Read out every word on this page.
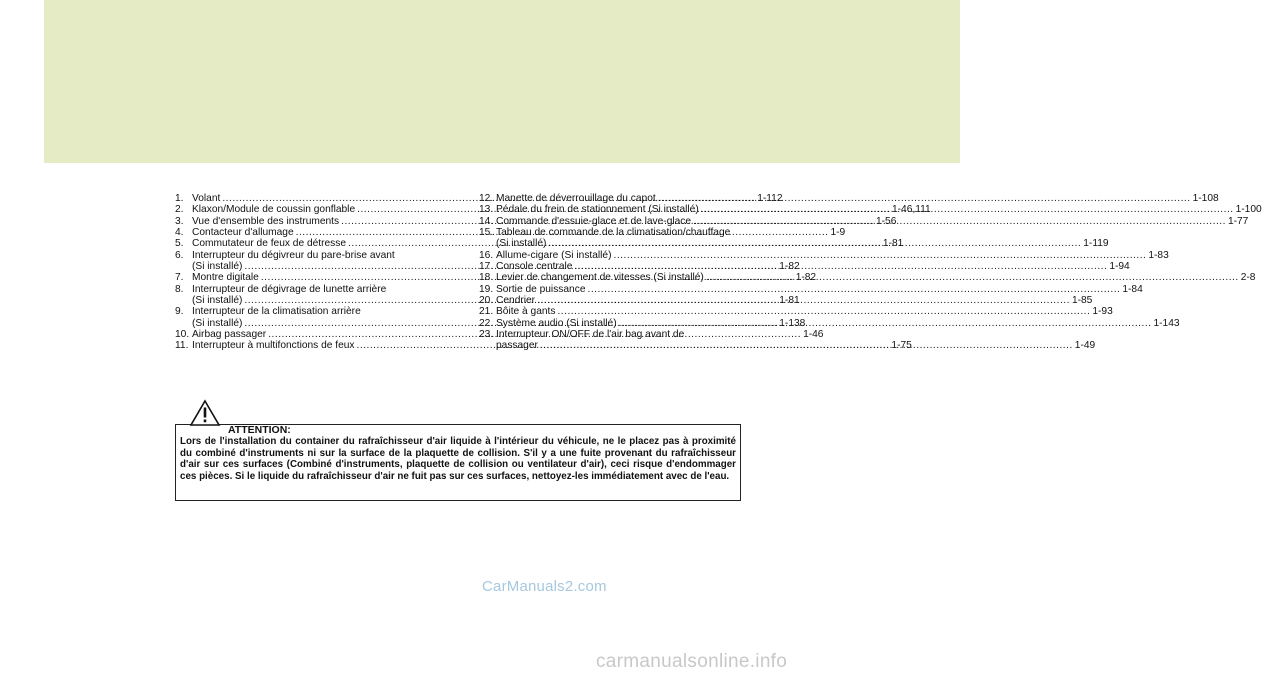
1. Volant .....	1-112
2. Klaxon/Module de coussin gonflable .....	1-46,111
3. Vue d'ensemble des instruments .....	1-56
4. Contacteur d'allumage .....	1-9
5. Commutateur de feux de détresse .....	1-81
6. Interrupteur du dégivreur du pare-brise avant
(Si installé) .....	1-82
7. Montre digitale .....	1-82
8. Interrupteur de dégivrage de lunette arrière
(Si installé) .....	1-81
9. Interrupteur de la climatisation arrière
(Si installé) .....	1-138
10. Airbag passager .....	1-46
11. Interrupteur à multifonctions de feux .....	1-75
12. Manette de déverrouillage du capot .....	1-108
13. Pédale du frein de stationnement (Si installé) .....	1-100
14. Commande d'essuie-glace et de lave-glace .....	1-77
15. Tableau de commande de la climatisation/chauffage
(Si installé) .....	1-119
16. Allume-cigare (Si installé) .....	1-83
17. Console centrale .....	1-94
18. Levier de changement de vitesses (Si installé) .....	2-8
19. Sortie de puissance .....	1-84
20. Cendrier .....	1-85
21. Bôite à gants .....	1-93
22. Système audio (Si installé) .....	1-143
23. Interrupteur ON/OFF de l'air bag avant de
passager .....	1-49
ATTENTION:
Lors de l'installation du container du rafraîchisseur d'air liquide à l'intérieur du véhicule, ne le placez pas à proximité du combiné d'instruments ni sur la surface de la plaquette de collision. S'il y a une fuite provenant du rafraîchisseur d'air sur ces surfaces (Combiné d'instruments, plaquette de collision ou ventilateur d'air), ceci risque d'endommager ces pièces. Si le liquide du rafraîchisseur d'air ne fuit pas sur ces surfaces, nettoyez-les immédiatement avec de l'eau.
CarManuals2.com
carmanualsonline.info
